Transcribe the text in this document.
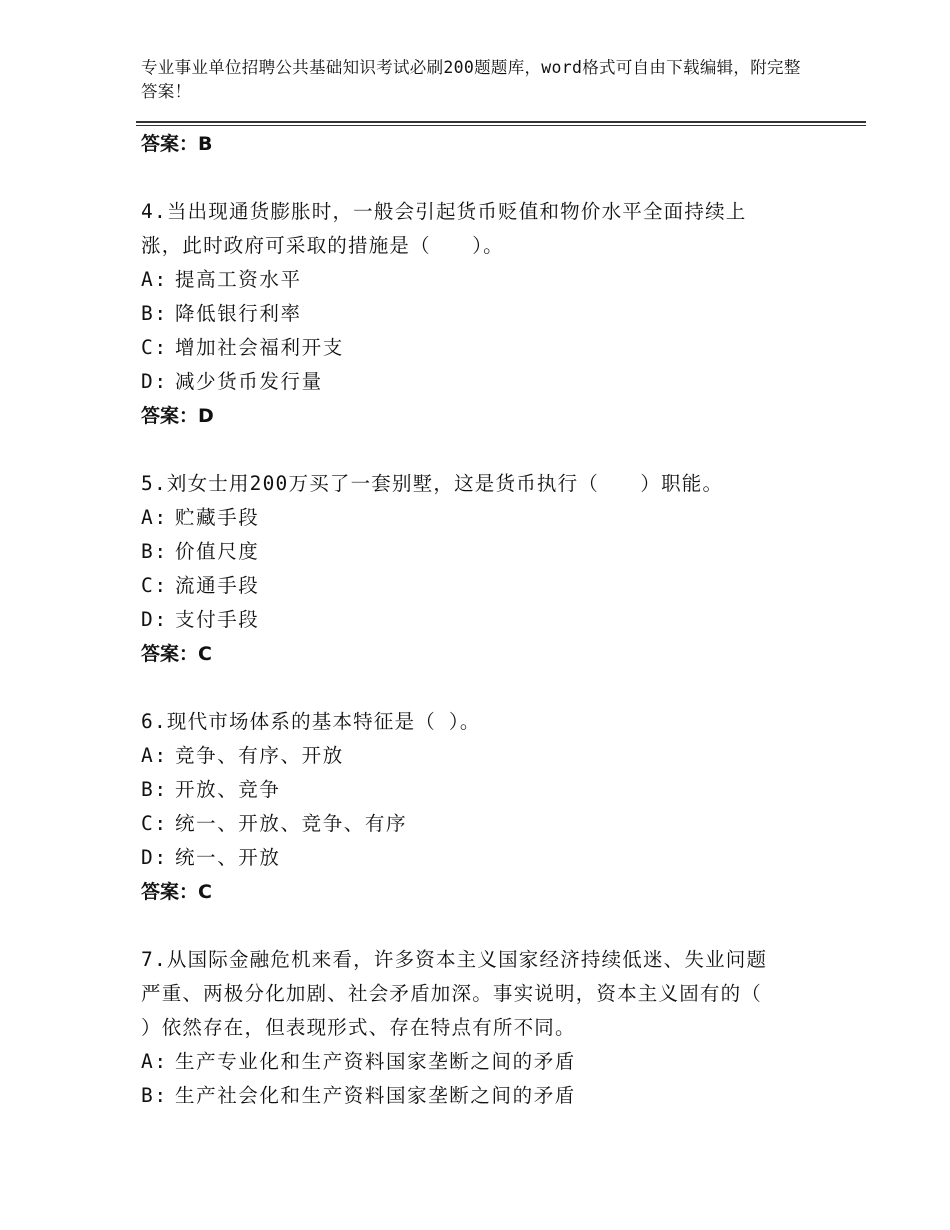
专业事业单位招聘公共基础知识考试必刷200题题库，word格式可自由下载编辑，附完整答案！
答案：B
4.当出现通货膨胀时，一般会引起货币贬值和物价水平全面持续上
涨，此时政府可采取的措施是（　　）。
A: 提高工资水平
B: 降低银行利率
C: 增加社会福利开支
D: 减少货币发行量
答案：D
5.刘女士用200万买了一套别墅，这是货币执行（　　）职能。
A: 贮藏手段
B: 价值尺度
C: 流通手段
D: 支付手段
答案：C
6.现代市场体系的基本特征是（ ）。
A: 竞争、有序、开放
B: 开放、竞争
C: 统一、开放、竞争、有序
D: 统一、开放
答案：C
7.从国际金融危机来看，许多资本主义国家经济持续低迷、失业问题
严重、两极分化加剧、社会矛盾加深。事实说明，资本主义固有的（
）依然存在，但表现形式、存在特点有所不同。
A: 生产专业化和生产资料国家垄断之间的矛盾
B: 生产社会化和生产资料国家垄断之间的矛盾
